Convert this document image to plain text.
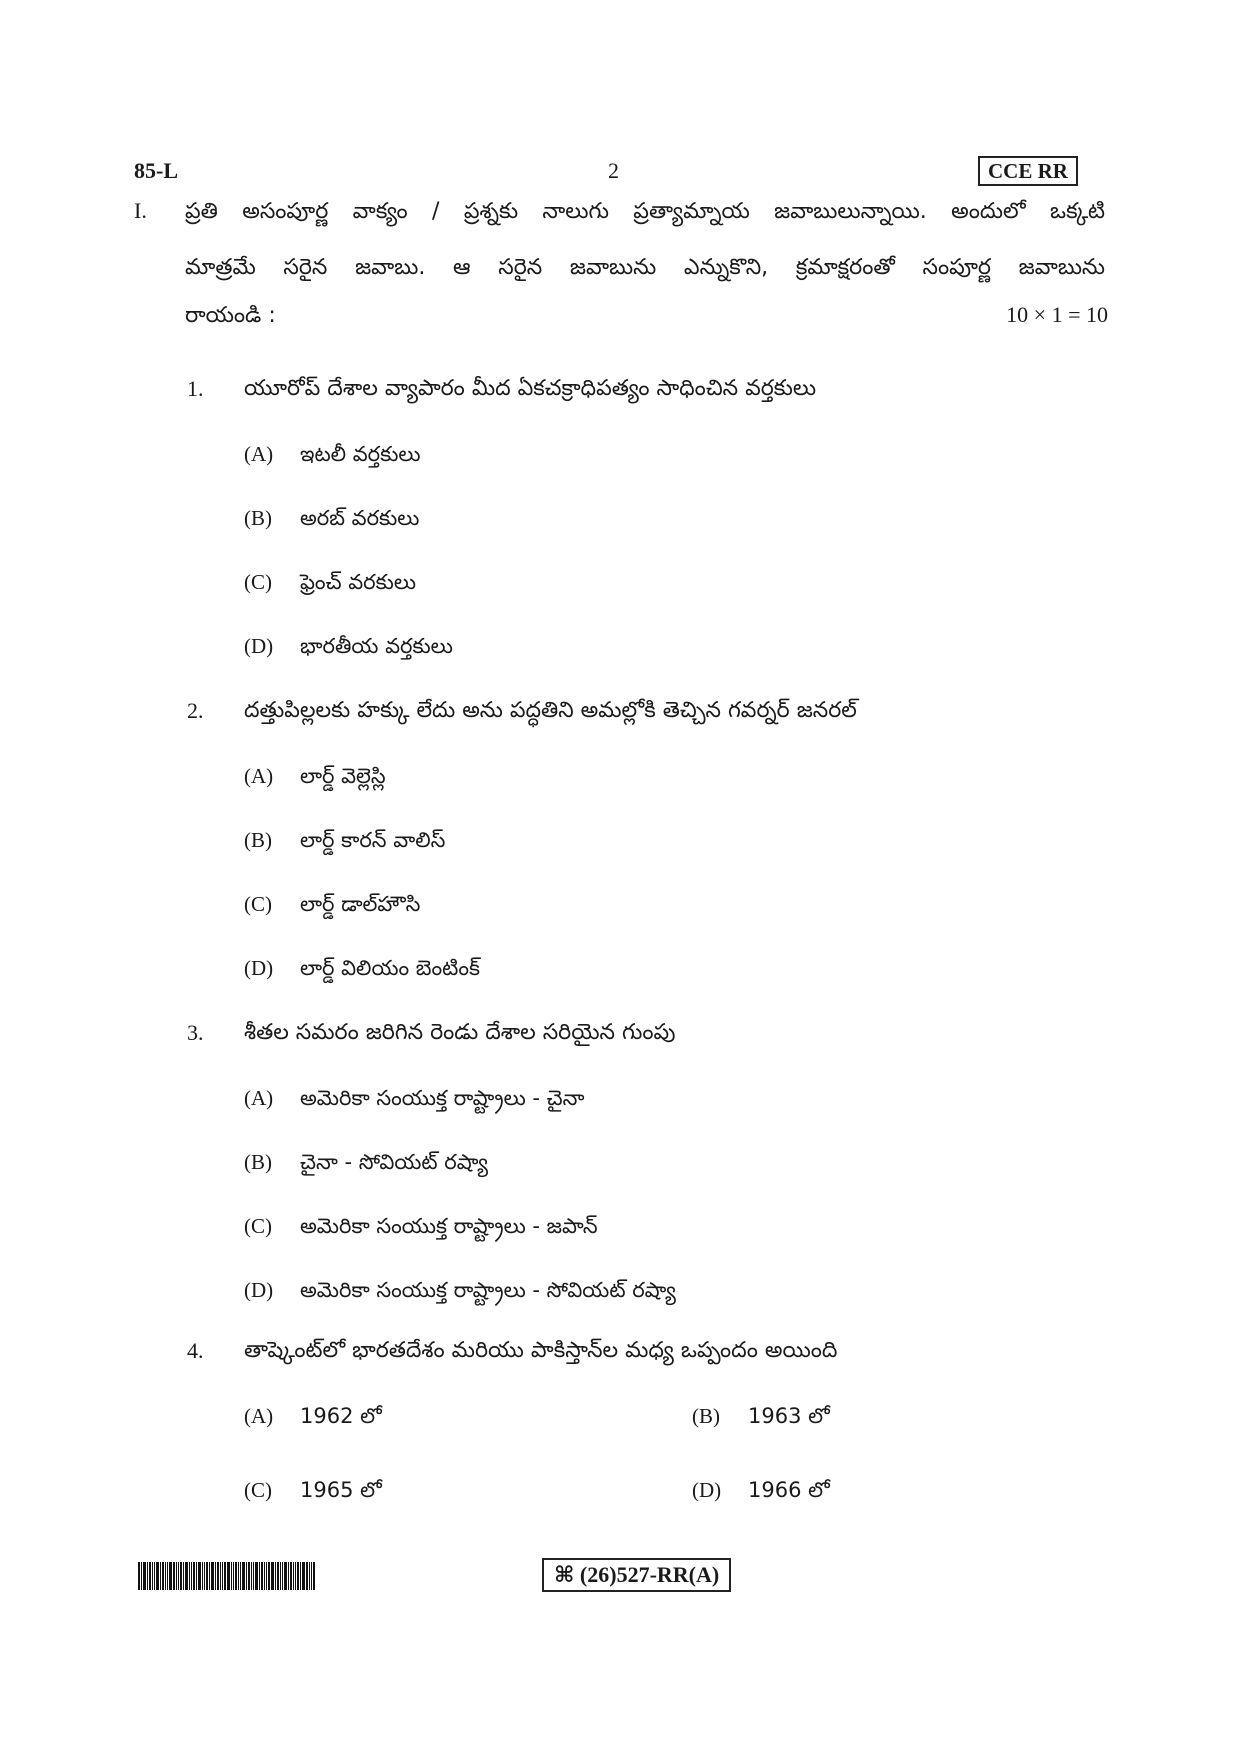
85-L	2	CCE RR
I. ప్రతి అసంపూర్ణ వాక్యం / ప్రశ్నకు నాలుగు ప్రత్యామ్నాయ జవాబులున్నాయి. అందులో ఒక్కటి
మాత్రమే సరైన జవాబు. ఆ సరైన జవాబును ఎన్నుకొని, క్రమాక్షరంతో సంపూర్ణ జవాబును
రాయండి :	10 × 1 = 10
1. యూరోప్ దేశాల వ్యాపారం మీద ఏకచక్రాధిపత్యం సాధించిన వర్తకులు
(A) ఇటలీ వర్తకులు
(B) అరబ్ వరకులు
(C) ఫ్రెంచ్ వరకులు
(D) భారతీయ వర్తకులు
2. దత్తుపిల్లలకు హక్కు లేదు అను పద్ధతిని అమల్లోకి తెచ్చిన గవర్నర్ జనరల్
(A) లార్డ్ వెల్లెస్లి
(B) లార్డ్ కారన్ వాలిస్
(C) లార్డ్ డాల్‌హౌసి
(D) లార్డ్ విలియం బెంటింక్
3. శీతల సమరం జరిగిన రెండు దేశాల సరియైన గుంపు
(A) అమెరికా సంయుక్త రాష్ట్రాలు - చైనా
(B) చైనా - సోవియట్ రష్యా
(C) అమెరికా సంయుక్త రాష్ట్రాలు - జపాన్
(D) అమెరికా సంయుక్త రాష్ట్రాలు - సోవియట్ రష్యా
4. తాష్కెంట్‌లో భారతదేశం మరియు పాకిస్తాన్‌ల మధ్య ఒప్పందం అయింది
(A) 1962 లో	(B) 1963 లో
(C) 1965 లో	(D) 1966 లో
⌘ (26)527-RR(A)
